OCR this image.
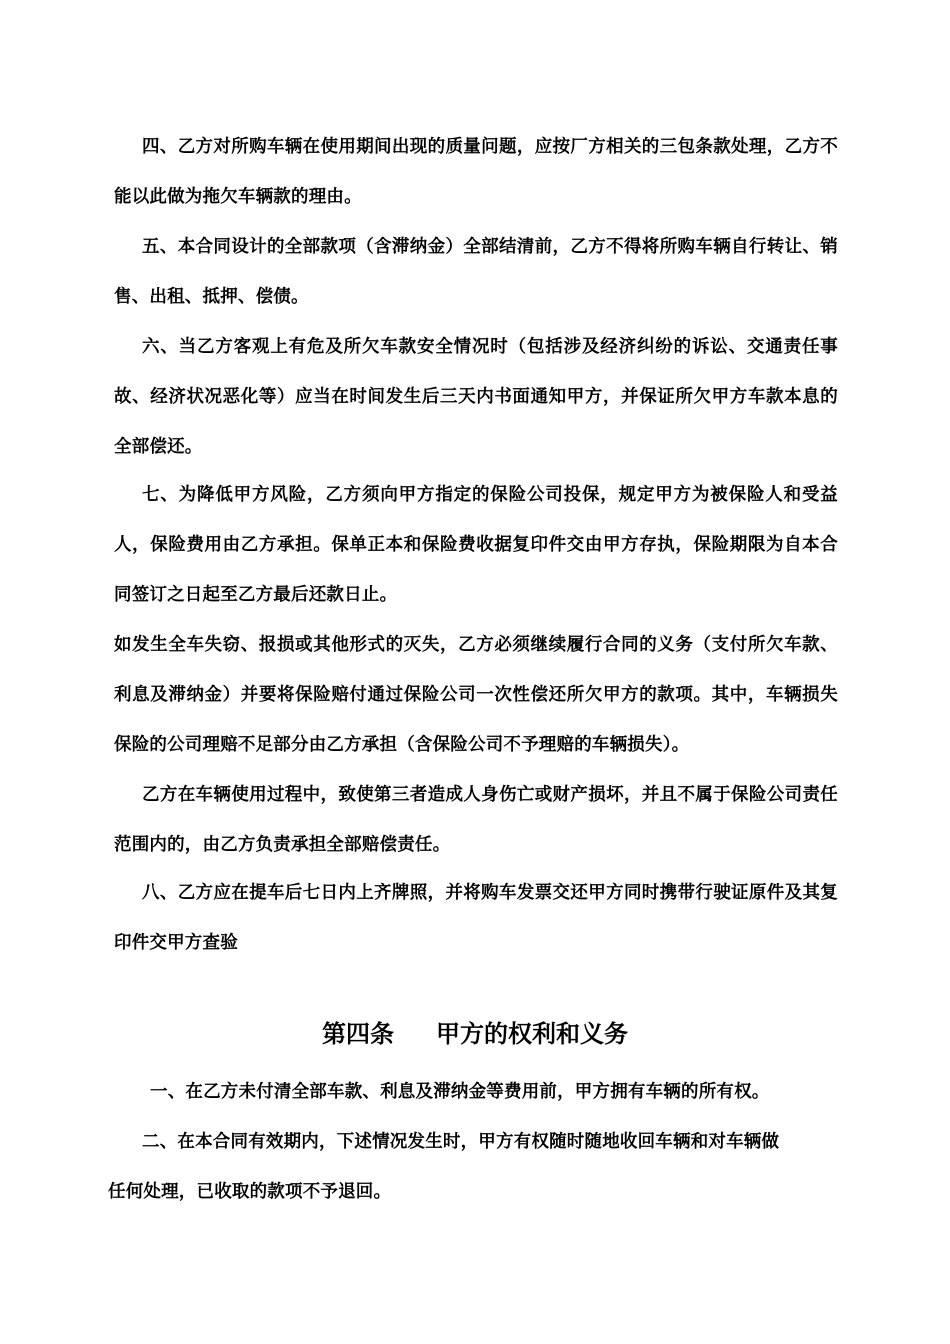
四、乙方对所购车辆在使用期间出现的质量问题，应按厂方相关的三包条款处理，乙方不能以此做为拖欠车辆款的理由。

五、本合同设计的全部款项（含滞纳金）全部结清前，乙方不得将所购车辆自行转让、销售、出租、抵押、偿债。

六、当乙方客观上有危及所欠车款安全情况时（包括涉及经济纠纷的诉讼、交通责任事故、经济状况恶化等）应当在时间发生后三天内书面通知甲方，并保证所欠甲方车款本息的全部偿还。

七、为降低甲方风险，乙方须向甲方指定的保险公司投保，规定甲方为被保险人和受益人，保险费用由乙方承担。保单正本和保险费收据复印件交由甲方存执，保险期限为自本合同签订之日起至乙方最后还款日止。

如发生全车失窃、报损或其他形式的灭失，乙方必须继续履行合同的义务（支付所欠车款、利息及滞纳金）并要将保险赔付通过保险公司一次性偿还所欠甲方的款项。其中，车辆损失保险的公司理赔不足部分由乙方承担（含保险公司不予理赔的车辆损失）。

乙方在车辆使用过程中，致使第三者造成人身伤亡或财产损坏，并且不属于保险公司责任范围内的，由乙方负责承担全部赔偿责任。

八、乙方应在提车后七日内上齐牌照，并将购车发票交还甲方同时携带行驶证原件及其复印件交甲方查验

第四条 甲方的权利和义务

一、在乙方未付清全部车款、利息及滞纳金等费用前，甲方拥有车辆的所有权。

二、在本合同有效期内，下述情况发生时，甲方有权随时随地收回车辆和对车辆做

任何处理，已收取的款项不予退回。
